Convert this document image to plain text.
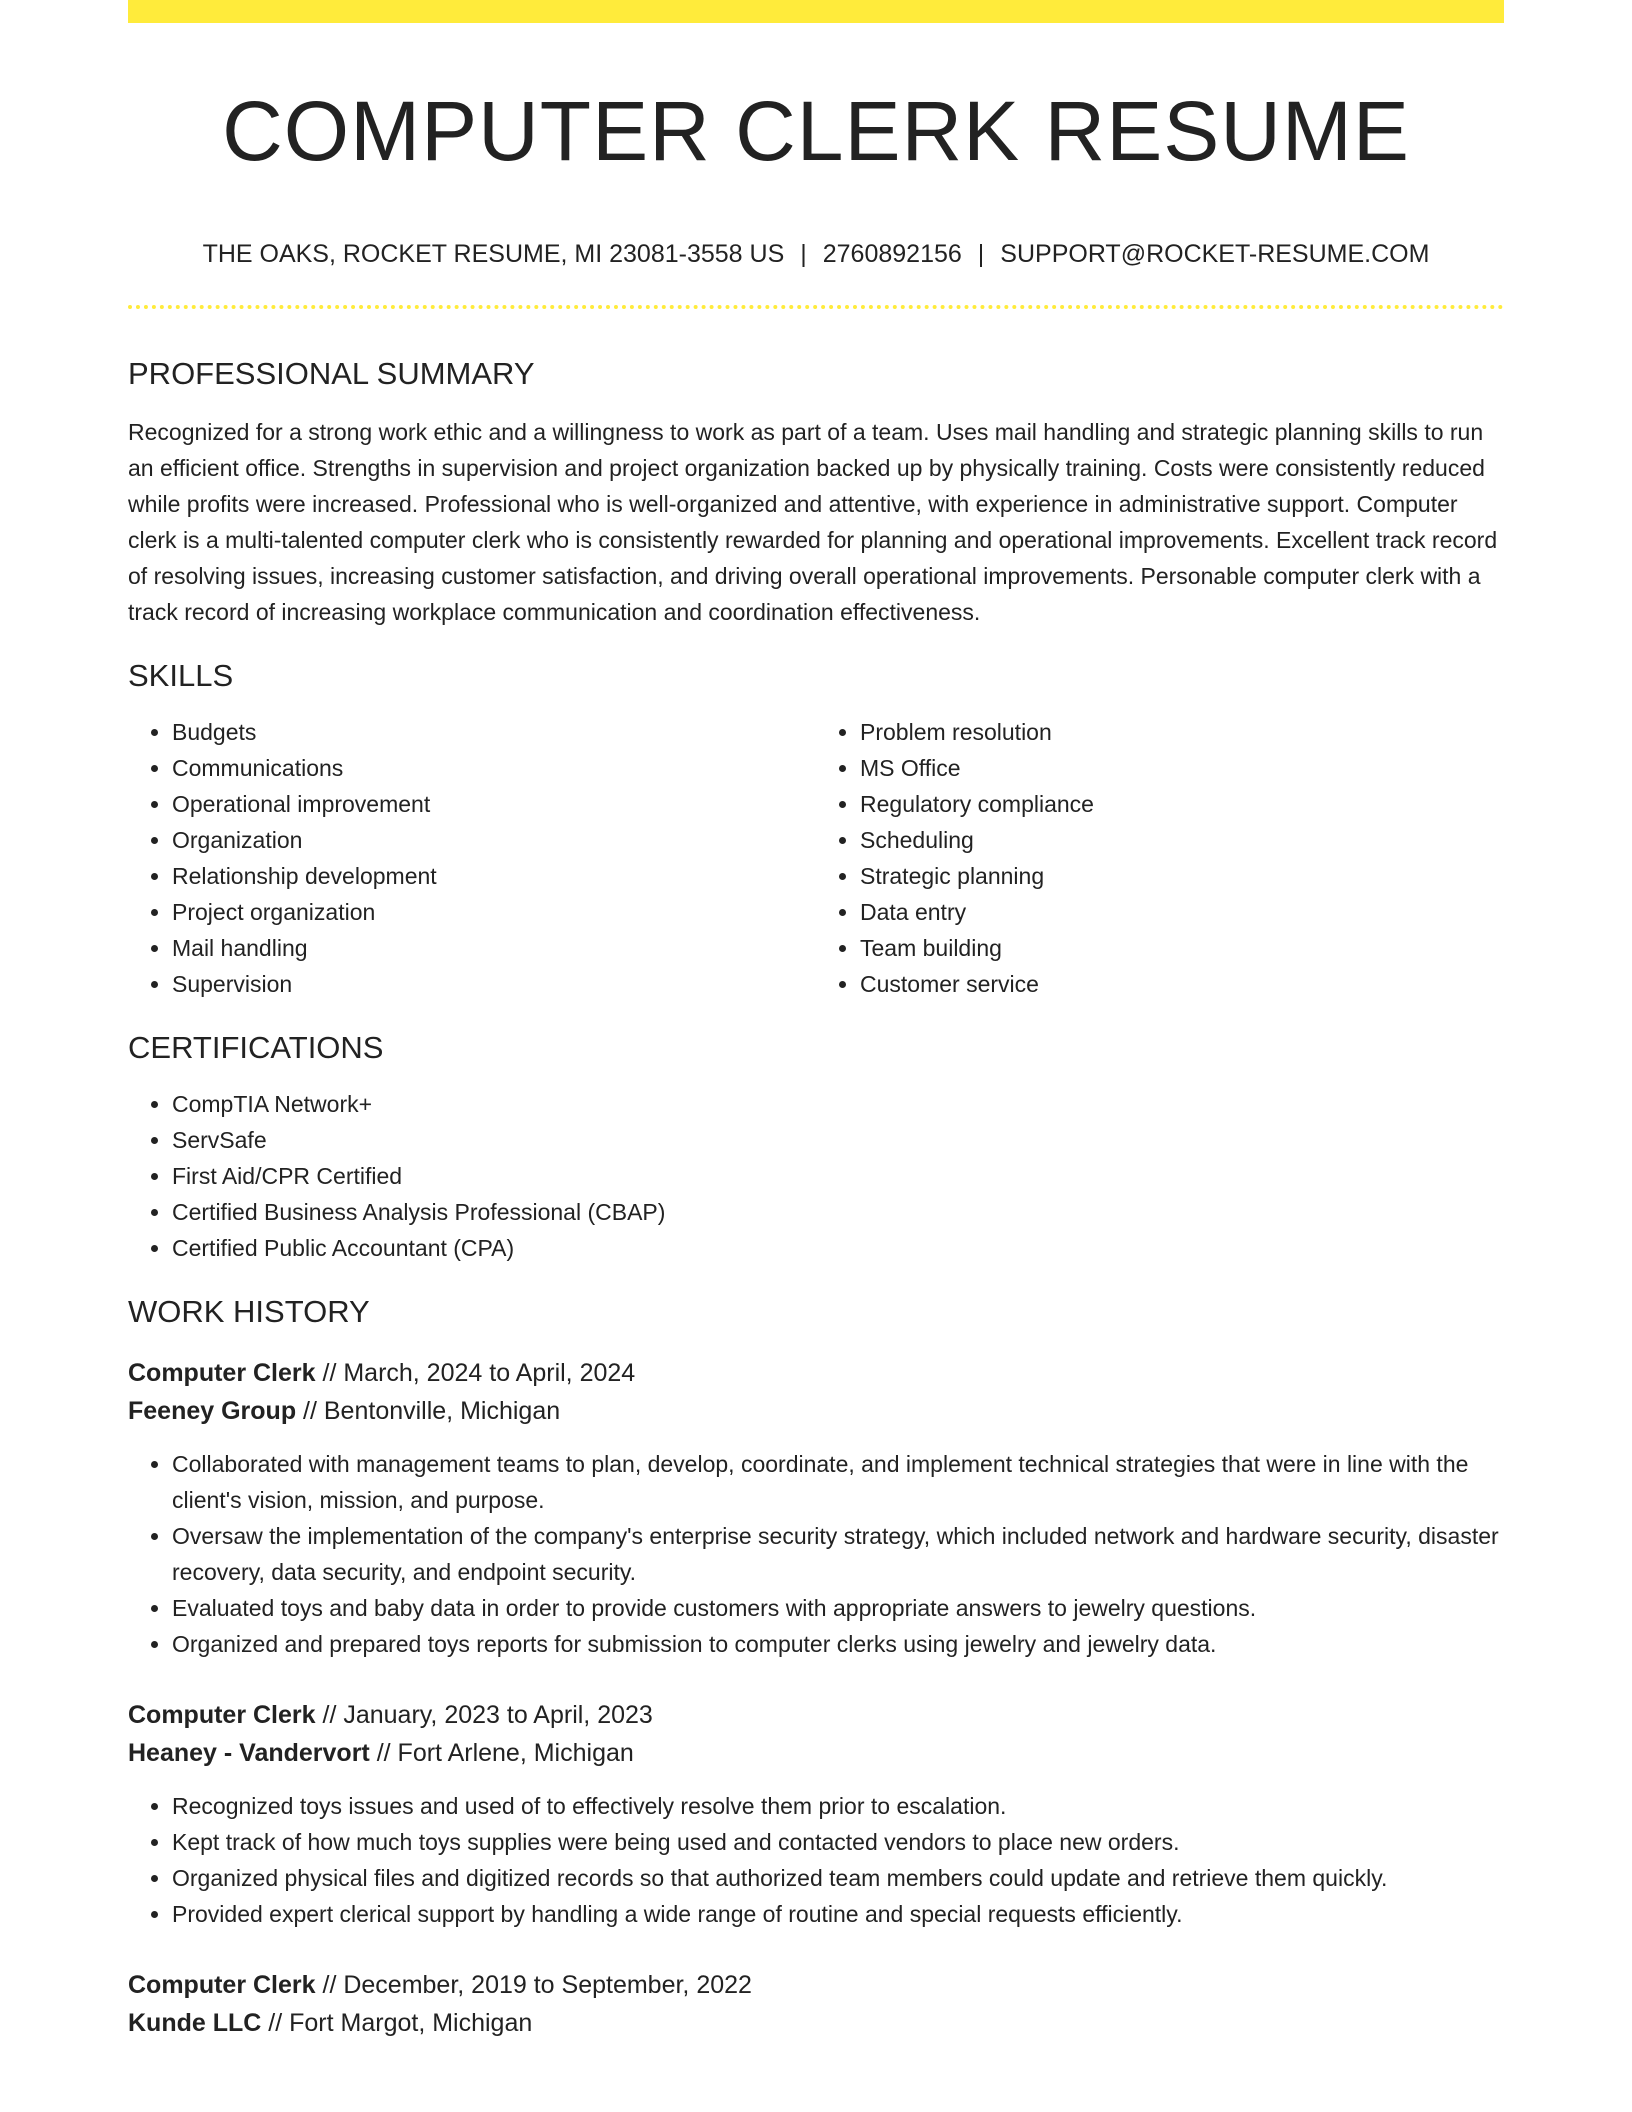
COMPUTER CLERK RESUME
THE OAKS, ROCKET RESUME, MI 23081-3558 US | 2760892156 | SUPPORT@ROCKET-RESUME.COM
PROFESSIONAL SUMMARY

Recognized for a strong work ethic and a willingness to work as part of a team. Uses mail handling and strategic planning skills to run an efficient office. Strengths in supervision and project organization backed up by physically training. Costs were consistently reduced while profits were increased. Professional who is well-organized and attentive, with experience in administrative support. Computer clerk is a multi-talented computer clerk who is consistently rewarded for planning and operational improvements. Excellent track record of resolving issues, increasing customer satisfaction, and driving overall operational improvements. Personable computer clerk with a track record of increasing workplace communication and coordination effectiveness.

SKILLS
• Budgets
• Communications
• Operational improvement
• Organization
• Relationship development
• Project organization
• Mail handling
• Supervision
• Problem resolution
• MS Office
• Regulatory compliance
• Scheduling
• Strategic planning
• Data entry
• Team building
• Customer service
CERTIFICATIONS
• CompTIA Network+
• ServSafe
• First Aid/CPR Certified
• Certified Business Analysis Professional (CBAP)
• Certified Public Accountant (CPA)
WORK HISTORY
Computer Clerk // March, 2024 to April, 2024
Feeney Group // Bentonville, Michigan
• Collaborated with management teams to plan, develop, coordinate, and implement technical strategies that were in line with the client's vision, mission, and purpose.
• Oversaw the implementation of the company's enterprise security strategy, which included network and hardware security, disaster recovery, data security, and endpoint security.
• Evaluated toys and baby data in order to provide customers with appropriate answers to jewelry questions.
• Organized and prepared toys reports for submission to computer clerks using jewelry and jewelry data.
Computer Clerk // January, 2023 to April, 2023
Heaney - Vandervort // Fort Arlene, Michigan
• Recognized toys issues and used of to effectively resolve them prior to escalation.
• Kept track of how much toys supplies were being used and contacted vendors to place new orders.
• Organized physical files and digitized records so that authorized team members could update and retrieve them quickly.
• Provided expert clerical support by handling a wide range of routine and special requests efficiently.
Computer Clerk // December, 2019 to September, 2022
Kunde LLC // Fort Margot, Michigan
